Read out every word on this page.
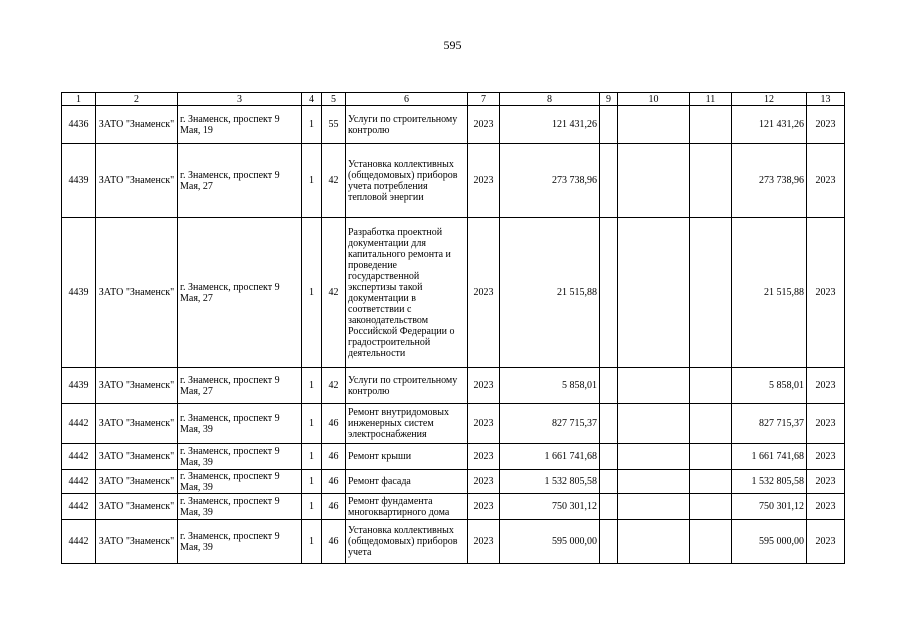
595
1	2	3	4	5	6	7	8	9	10	11	12	13
4436	ЗАТО "Знаменск"	г. Знаменск, проспект 9 Мая, 19	1	55	Услуги по строительному контролю	2023	121 431,26				121 431,26	2023
4439	ЗАТО "Знаменск"	г. Знаменск, проспект 9 Мая, 27	1	42	Установка коллективных (общедомовых) приборов учета потребления тепловой энергии	2023	273 738,96				273 738,96	2023
4439	ЗАТО "Знаменск"	г. Знаменск, проспект 9 Мая, 27	1	42	Разработка проектной документации для капитального ремонта и проведение государственной экспертизы такой документации в соответствии с законодательством Российской Федерации о градостроительной деятельности	2023	21 515,88				21 515,88	2023
4439	ЗАТО "Знаменск"	г. Знаменск, проспект 9 Мая, 27	1	42	Услуги по строительному контролю	2023	5 858,01				5 858,01	2023
4442	ЗАТО "Знаменск"	г. Знаменск, проспект 9 Мая, 39	1	46	Ремонт внутридомовых инженерных систем электроснабжения	2023	827 715,37				827 715,37	2023
4442	ЗАТО "Знаменск"	г. Знаменск, проспект 9 Мая, 39	1	46	Ремонт крыши	2023	1 661 741,68				1 661 741,68	2023
4442	ЗАТО "Знаменск"	г. Знаменск, проспект 9 Мая, 39	1	46	Ремонт фасада	2023	1 532 805,58				1 532 805,58	2023
4442	ЗАТО "Знаменск"	г. Знаменск, проспект 9 Мая, 39	1	46	Ремонт фундамента многоквартирного дома	2023	750 301,12				750 301,12	2023
4442	ЗАТО "Знаменск"	г. Знаменск, проспект 9 Мая, 39	1	46	Установка коллективных (общедомовых) приборов учета	2023	595 000,00				595 000,00	2023
